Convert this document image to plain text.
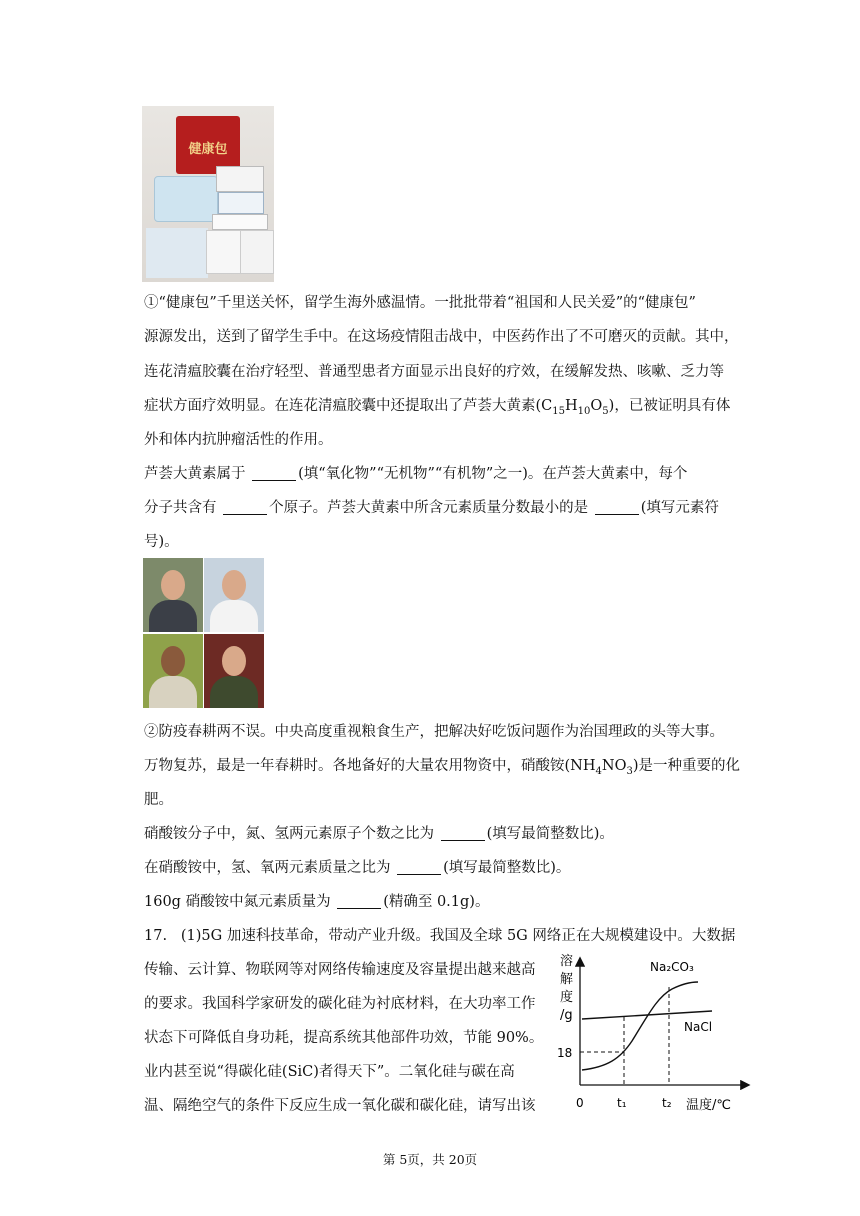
健康包
①“健康包”千里送关怀，留学生海外感温情。一批批带着“祖国和人民关爱”的“健康包”
源源发出，送到了留学生手中。在这场疫情阻击战中，中医药作出了不可磨灭的贡献。其中，
连花清瘟胶囊在治疗轻型、普通型患者方面显示出良好的疗效，在缓解发热、咳嗽、乏力等
症状方面疗效明显。在连花清瘟胶囊中还提取出了芦荟大黄素$(C_{15}H_{10}O_5)$，已被证明具有体
外和体内抗肿瘤活性的作用。
芦荟大黄素属于	(填“氧化物”“无机物”“有机物”之一)。在芦荟大黄素中，每个
分子共含有	个原子。芦荟大黄素中所含元素质量分数最小的是	(填写元素符
号)。
②防疫春耕两不误。中央高度重视粮食生产，把解决好吃饭问题作为治国理政的头等大事。
万物复苏，最是一年春耕时。各地备好的大量农用物资中，硝酸铵$(NH_4NO_3)$是一种重要的化
肥。
硝酸铵分子中，氮、氢两元素原子个数之比为	(填写最简整数比)。
在硝酸铵中，氢、氧两元素质量之比为	(填写最简整数比)。
160g 硝酸铵中氮元素质量为	(精确至 0.1g)。
17. (1)5G 加速科技革命，带动产业升级。我国及全球 5G 网络正在大规模建设中。大数据
传输、云计算、物联网等对网络传输速度及容量提出越来越高
的要求。我国科学家研发的碳化硅为衬底材料，在大功率工作
状态下可降低自身功耗，提高系统其他部件功效，节能 90%。
业内甚至说“得碳化硅(SiC)者得天下”。二氧化硅与碳在高
温、隔绝空气的条件下反应生成一氧化碳和碳化硅，请写出该
溶
解
度
/g
Na₂CO₃
NaCl
18
0	t₁	t₂ 温度/℃
第 5页，共 20页
